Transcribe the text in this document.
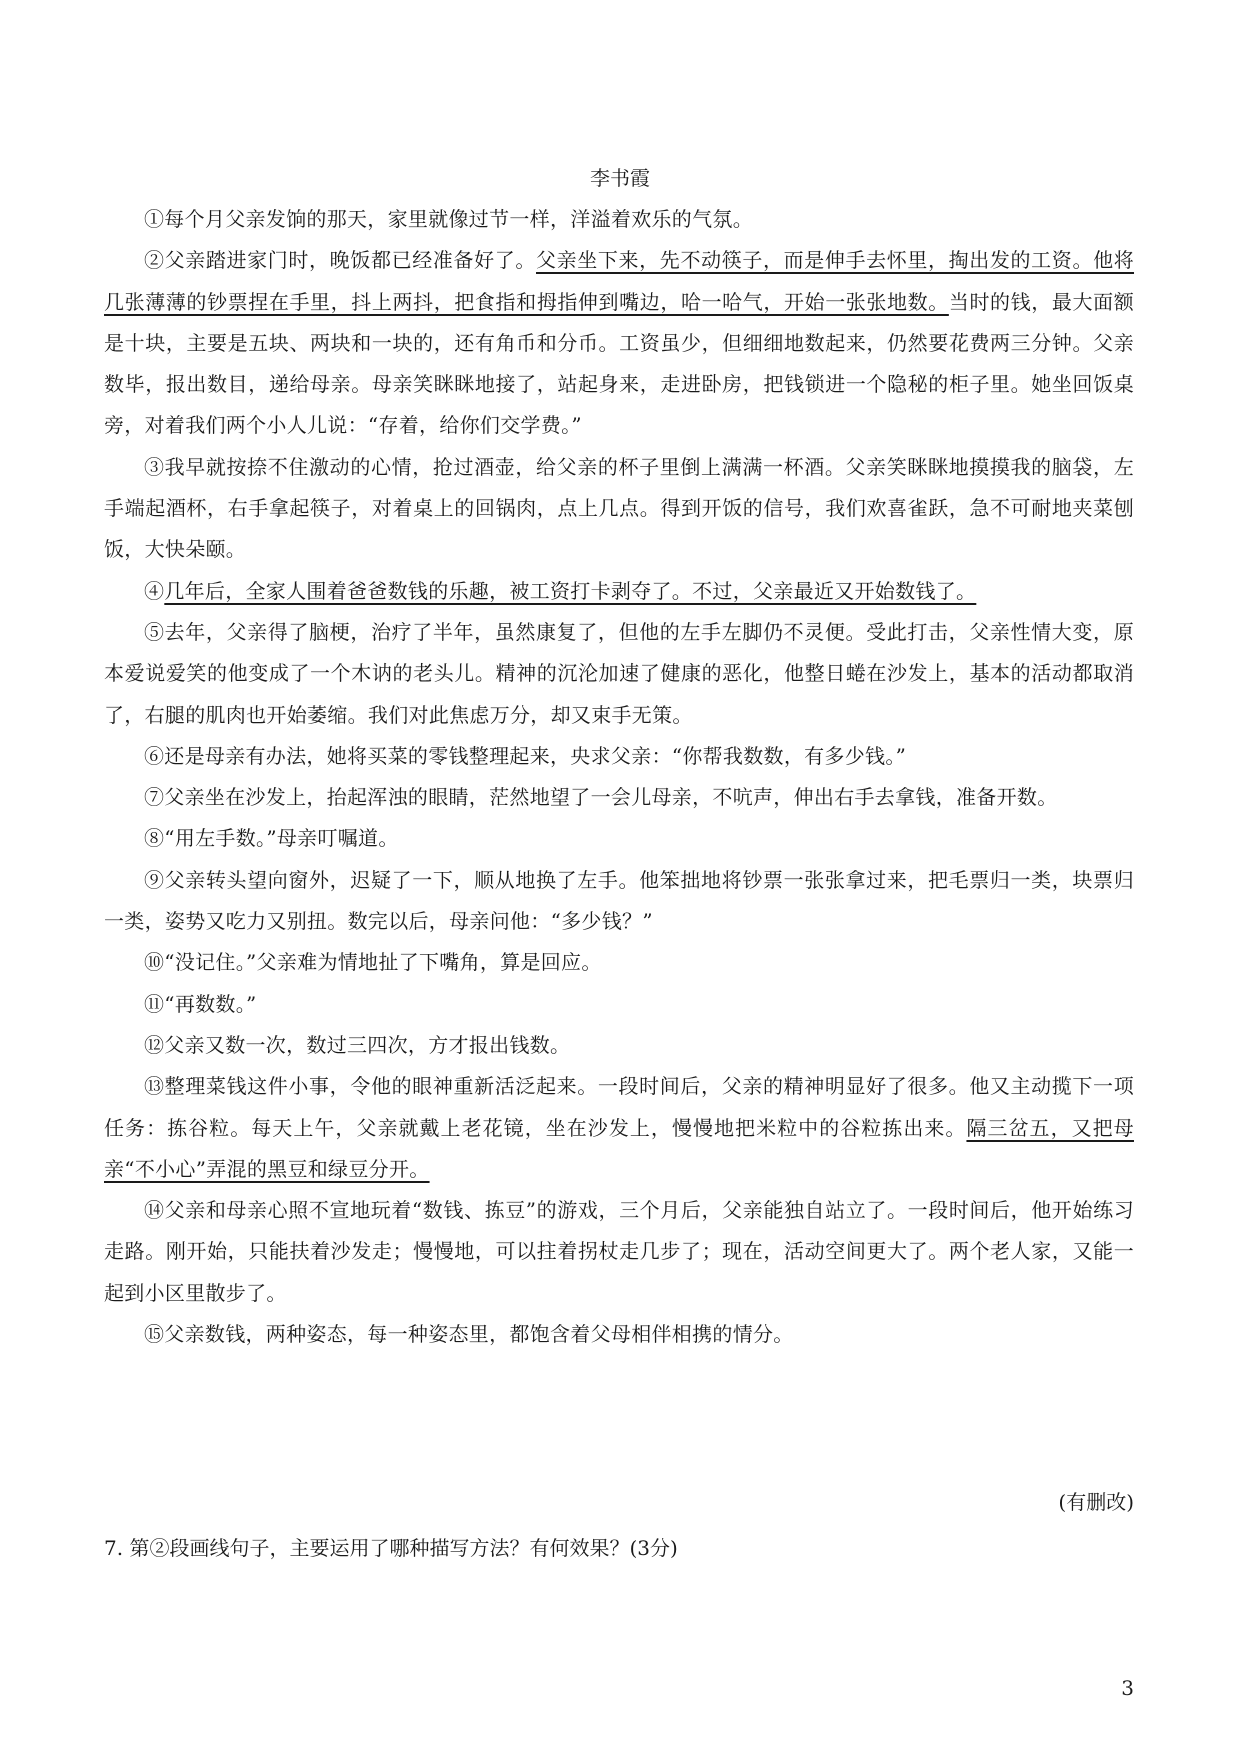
李书霞

①每个月父亲发饷的那天，家里就像过节一样，洋溢着欢乐的气氛。

②父亲踏进家门时，晚饭都已经准备好了。父亲坐下来，先不动筷子，而是伸手去怀里，掏出发的工资。他将几张薄薄的钞票捏在手里，抖上两抖，把食指和拇指伸到嘴边，哈一哈气，开始一张张地数。当时的钱，最大面额是十块，主要是五块、两块和一块的，还有角币和分币。工资虽少，但细细地数起来，仍然要花费两三分钟。父亲数毕，报出数目，递给母亲。母亲笑眯眯地接了，站起身来，走进卧房，把钱锁进一个隐秘的柜子里。她坐回饭桌旁，对着我们两个小人儿说：“存着，给你们交学费。”

③我早就按捺不住激动的心情，抢过酒壶，给父亲的杯子里倒上满满一杯酒。父亲笑眯眯地摸摸我的脑袋，左手端起酒杯，右手拿起筷子，对着桌上的回锅肉，点上几点。得到开饭的信号，我们欢喜雀跃，急不可耐地夹菜刨饭，大快朵颐。

④几年后，全家人围着爸爸数钱的乐趣，被工资打卡剥夺了。不过，父亲最近又开始数钱了。

⑤去年，父亲得了脑梗，治疗了半年，虽然康复了，但他的左手左脚仍不灵便。受此打击，父亲性情大变，原本爱说爱笑的他变成了一个木讷的老头儿。精神的沉沦加速了健康的恶化，他整日蜷在沙发上，基本的活动都取消了，右腿的肌肉也开始萎缩。我们对此焦虑万分，却又束手无策。

⑥还是母亲有办法，她将买菜的零钱整理起来，央求父亲：“你帮我数数，有多少钱。”

⑦父亲坐在沙发上，抬起浑浊的眼睛，茫然地望了一会儿母亲，不吭声，伸出右手去拿钱，准备开数。

⑧“用左手数。”母亲叮嘱道。

⑨父亲转头望向窗外，迟疑了一下，顺从地换了左手。他笨拙地将钞票一张张拿过来，把毛票归一类，块票归一类，姿势又吃力又别扭。数完以后，母亲问他：“多少钱？”

⑩“没记住。”父亲难为情地扯了下嘴角，算是回应。

⑪“再数数。”

⑫父亲又数一次，数过三四次，方才报出钱数。

⑬整理菜钱这件小事，令他的眼神重新活泛起来。一段时间后，父亲的精神明显好了很多。他又主动揽下一项任务：拣谷粒。每天上午，父亲就戴上老花镜，坐在沙发上，慢慢地把米粒中的谷粒拣出来。隔三岔五，又把母亲“不小心”弄混的黑豆和绿豆分开。

⑭父亲和母亲心照不宣地玩着“数钱、拣豆”的游戏，三个月后，父亲能独自站立了。一段时间后，他开始练习走路。刚开始，只能扶着沙发走；慢慢地，可以拄着拐杖走几步了；现在，活动空间更大了。两个老人家，又能一起到小区里散步了。

⑮父亲数钱，两种姿态，每一种姿态里，都饱含着父母相伴相携的情分。

(有删改)
7. 第②段画线句子，主要运用了哪种描写方法？有何效果？(3分)
3
